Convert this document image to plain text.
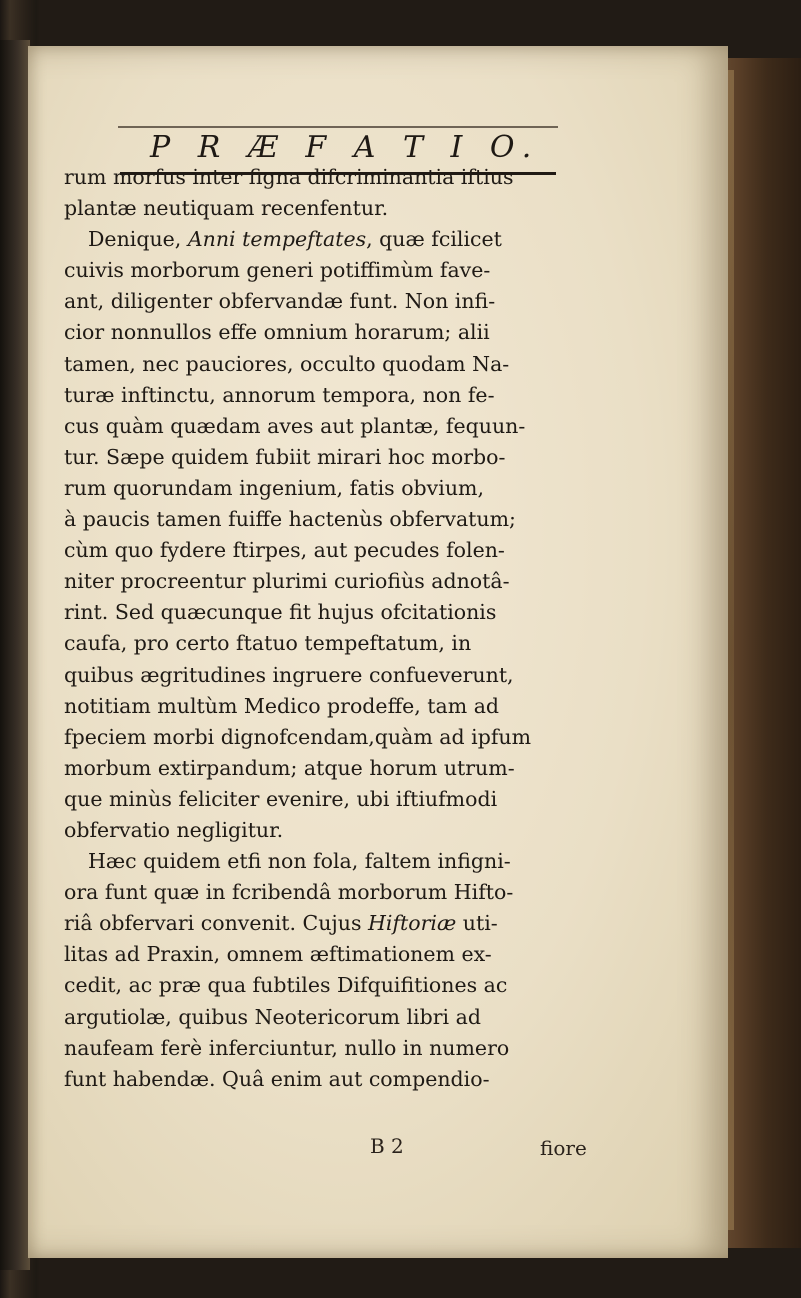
P R Æ F A T I O.
rum morfus inter figna difcriminantia iftius
plantæ neutiquam recenfentur.
Denique, Anni tempeftates, quæ fcilicet
cuivis morborum generi potiffimùm fave-
ant, diligenter obfervandæ funt. Non infi-
cior nonnullos effe omnium horarum; alii
tamen, nec pauciores, occulto quodam Na-
turæ inftinctu, annorum tempora, non fe-
cus quàm quædam aves aut plantæ, fequun-
tur. Sæpe quidem fubiit mirari hoc morbo-
rum quorundam ingenium, fatis obvium,
à paucis tamen fuiffe hactenùs obfervatum;
cùm quo fydere ftirpes, aut pecudes folen-
niter procreentur plurimi curiofiùs adnotâ-
rint. Sed quæcunque fit hujus ofcitationis
caufa, pro certo ftatuo tempeftatum, in
quibus ægritudines ingruere confueverunt,
notitiam multùm Medico prodeffe, tam ad
fpeciem morbi dignofcendam,quàm ad ipfum
morbum extirpandum; atque horum utrum-
que minùs feliciter evenire, ubi iftiufmodi
obfervatio negligitur.
Hæc quidem etfi non fola, faltem infigni-
ora funt quæ in fcribendâ morborum Hifto-
riâ obfervari convenit. Cujus Hiftoriæ uti-
litas ad Praxin, omnem æftimationem ex-
cedit, ac præ qua fubtiles Difquifitiones ac
argutiolæ, quibus Neotericorum libri ad
naufeam ferè inferciuntur, nullo in numero
funt habendæ. Quâ enim aut compendio-
B 2	fiore
